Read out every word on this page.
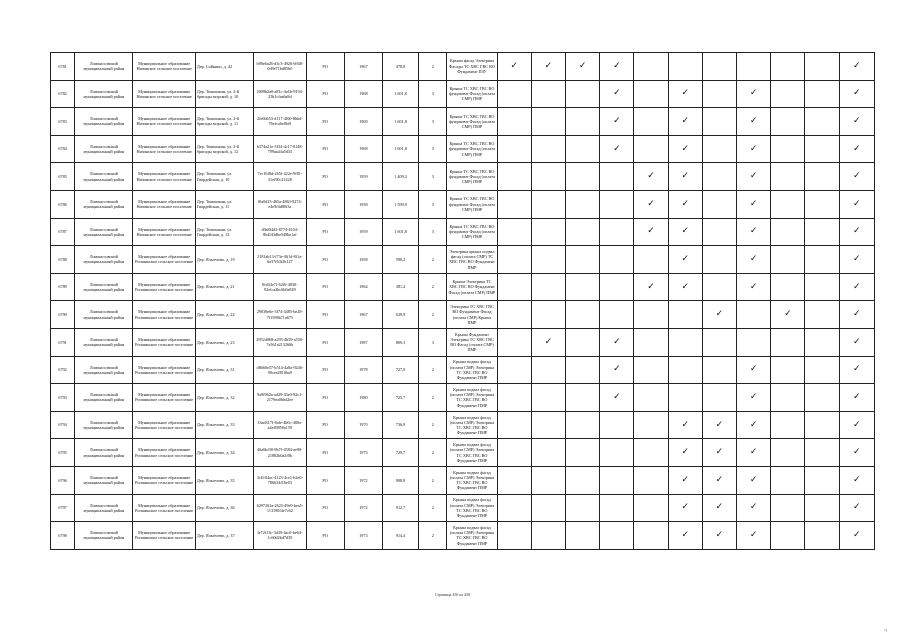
6781	Ломоносовский муниципальный район	Муниципальное образование Низинское сельское поселение	Дер. Сойкино, д. 42	b98e6a26-d3c3-4926-b948-0d9e71bd85b0	РО	1967	478,8	2	Крыша фасад Электрика Фасады ТС ХВС ГВС ВО Фундамент ПЗУ	✓	✓	✓	✓							✓
6782	Ломоносовский муниципальный район	Муниципальное образование Низинское сельское поселение	Дер. Тимошкин, ул. 2-й бригады морской, д. 10	2009b2a0-a81c-4a1b-9194-25b1cfaa6a8d	РО	1968	1 601,8	3	Крыша ТС ХВС ГВС ВО фундамент Фасад (оплата СМР) ПМР				✓		✓		✓			✓
6783	Ломоносовский муниципальный район	Муниципальное образование Низинское сельское поселение	Дер. Тимошкин, ул. 2-й бригады морской, д. 11	2fe6b653-d117-4f60-8bbd-76efca6e8fa9	РО	1969	1 601,8	3	Крыша ТС ХВС ГВС ВО фундамент Фасад (оплата СМР) ПМР				✓		✓		✓			✓
6784	Ломоносовский муниципальный район	Муниципальное образование Низинское сельское поселение	Дер. Тимошкин, ул. 2-й бригады морской, д. 12	b374a21e-5f34-4c17-8148-799aa44a5d33	РО	1968	1 601,8	3	Крыша ТС ХВС ГВС ВО фундамент Фасад (оплата СМР) ПМР				✓		✓		✓			✓
6785	Ломоносовский муниципальный район	Муниципальное образование Низинское сельское поселение	Дер. Тимошкин, ул. Гвардейская, д. 10	7ec16f8d-265f-422e-9f81-31ef90c21428	РО	1959	1 409,3	3	Крыша ТС ХВС ГВС ВО фундамент Фасад (оплата СМР) ПМР					✓	✓		✓			✓
6786	Ломоносовский муниципальный район	Муниципальное образование Низинское сельское поселение	Дер. Тимошкин, ул. Гвардейская, д. 11	f0a0d13-465a-4863-9274-e4e9f4d80f3a	РО	1958	1 599,9	3	Крыша ТС ХВС ГВС ВО фундамент Фасад (оплата СМР) ПМР					✓	✓		✓			✓
6787	Ломоносовский муниципальный район	Муниципальное образование Низинское сельское поселение	Дер. Тимошкин, ул. Гвардейская, д. 12	d9a8f4d2-8774-4104-8b4f43dbe548be1af	РО	1959	1 601,8	3	Крыша ТС ХВС ГВС ВО фундамент Фасад (оплата СМР) ПМР					✓	✓		✓			✓
6788	Ломоносовский муниципальный район	Муниципальное образование Ропшинское сельское поселение	Дер. Яльгелево, д. 19	2181ab13-f73e-461d-8f1a-6a37f63f2b127	РО	1958	590,2	2	Электрика крыша подвал фасад (оплата СМР) ТС ХВС ГВС ВО Фундамент ПМР						✓		✓			✓
6789	Ломоносовский муниципальный район	Муниципальное образование Ропшинское сельское поселение	Дер. Яльгелево, д. 21	0fd34e7f-62f6-4830-92efca2bc6b0a849	РО	1964	381,2	2	Крыша Электрика ТС ХВС ГВС ВО Фундамент Фасад (оплата СМР) ПМР					✓	✓		✓			✓
6790	Ломоносовский муниципальный район	Муниципальное образование Ропшинское сельское поселение	Дер. Яльгелево, д. 22	29038e6e-3f74-4485-be28-7f1598b71a675	РО	1967	639,9	2	Электрика ТС ХВС ГВС ВО Фундамент Фасад (оплата СМР) Крыша ПМР							✓		✓		✓
6791	Ломоносовский муниципальный район	Муниципальное образование Ропшинское сельское поселение	Дер. Яльгелево, д. 23	2952d068-a293-4b59-a530-7e561a213266b	РО	1987	809,3	3	Крыша Фундамент Электрика ТС ХВС ГВС ВО Фасад (оплата СМР) ПМР		✓		✓							✓
6792	Ломоносовский муниципальный район	Муниципальное образование Ропшинское сельское поселение	Дер. Яльгелево, д. 31	d8b60e37-b514-4a8a-9246-90cea2810ba9	РО	1978	727,0	2	Крыша подвал фасад (оплата СМР) Электрика ТС ХВС ГВС ВО Фундамент ПМР				✓				✓			✓
6793	Ломоносовский муниципальный район	Муниципальное образование Ропшинское сельское поселение	Дер. Яльгелево, д. 32	9a9f962a-ad29-43e0-92c1-2179ea0bbd2ee	РО	1980	725,7	2	Крыша подвал фасад (оплата СМР) Электрика ТС ХВС ГВС ВО Фундамент ПМР				✓				✓			✓
6794	Ломоносовский муниципальный район	Муниципальное образование Ропшинское сельское поселение	Дер. Яльгелево, д. 33	33ad317f-8afe-4b0c-480a-a4e49850a159	РО	1970	736,9	2	Крыша подвал фасад (оплата СМР) Электрика ТС ХВС ГВС ВО Фундамент ПМР						✓	✓	✓			✓
6795	Ломоносовский муниципальный район	Муниципальное образование Ропшинское сельское поселение	Дер. Яльгелево, д. 34	46a6bf30-9b7f-4584-ae90-21882b0a2f0b	РО	1973	729,7	2	Крыша подвал фасад (оплата СМР) Электрика ТС ХВС ГВС ВО Фундамент ПМР						✓	✓	✓			✓
6796	Ломоносовский муниципальный район	Муниципальное образование Ропшинское сельское поселение	Дер. Яльгелево, д. 35	3c6104ac-4123-4ce1-b2e0-786634f16e03	РО	1972	908,8	2	Крыша подвал фасад (оплата СМР) Электрика ТС ХВС ГВС ВО Фундамент ПМР						✓	✓	✓			✓
6797	Ломоносовский муниципальный район	Муниципальное образование Ропшинское сельское поселение	Дер. Яльгелево, д. 36	6297261a-2623-49e9-bea5-113190f4e7c62	РО	1972	912,7	2	Крыша подвал фасад (оплата СМР) Электрика ТС ХВС ГВС ВО Фундамент ПМР						✓	✓	✓			✓
6798	Ломоносовский муниципальный район	Муниципальное образование Ропшинское сельское поселение	Дер. Яльгелево, д. 37	fe72f13c-3d39-4ac0-be64-1c60d2bd7d39	РО	1973	914,4	2	Крыша подвал фасад (оплата СМР) Электрика ТС ХВС ГВС ВО Фундамент ПМР						✓	✓	✓			✓
Страница 456 из 458
ч
